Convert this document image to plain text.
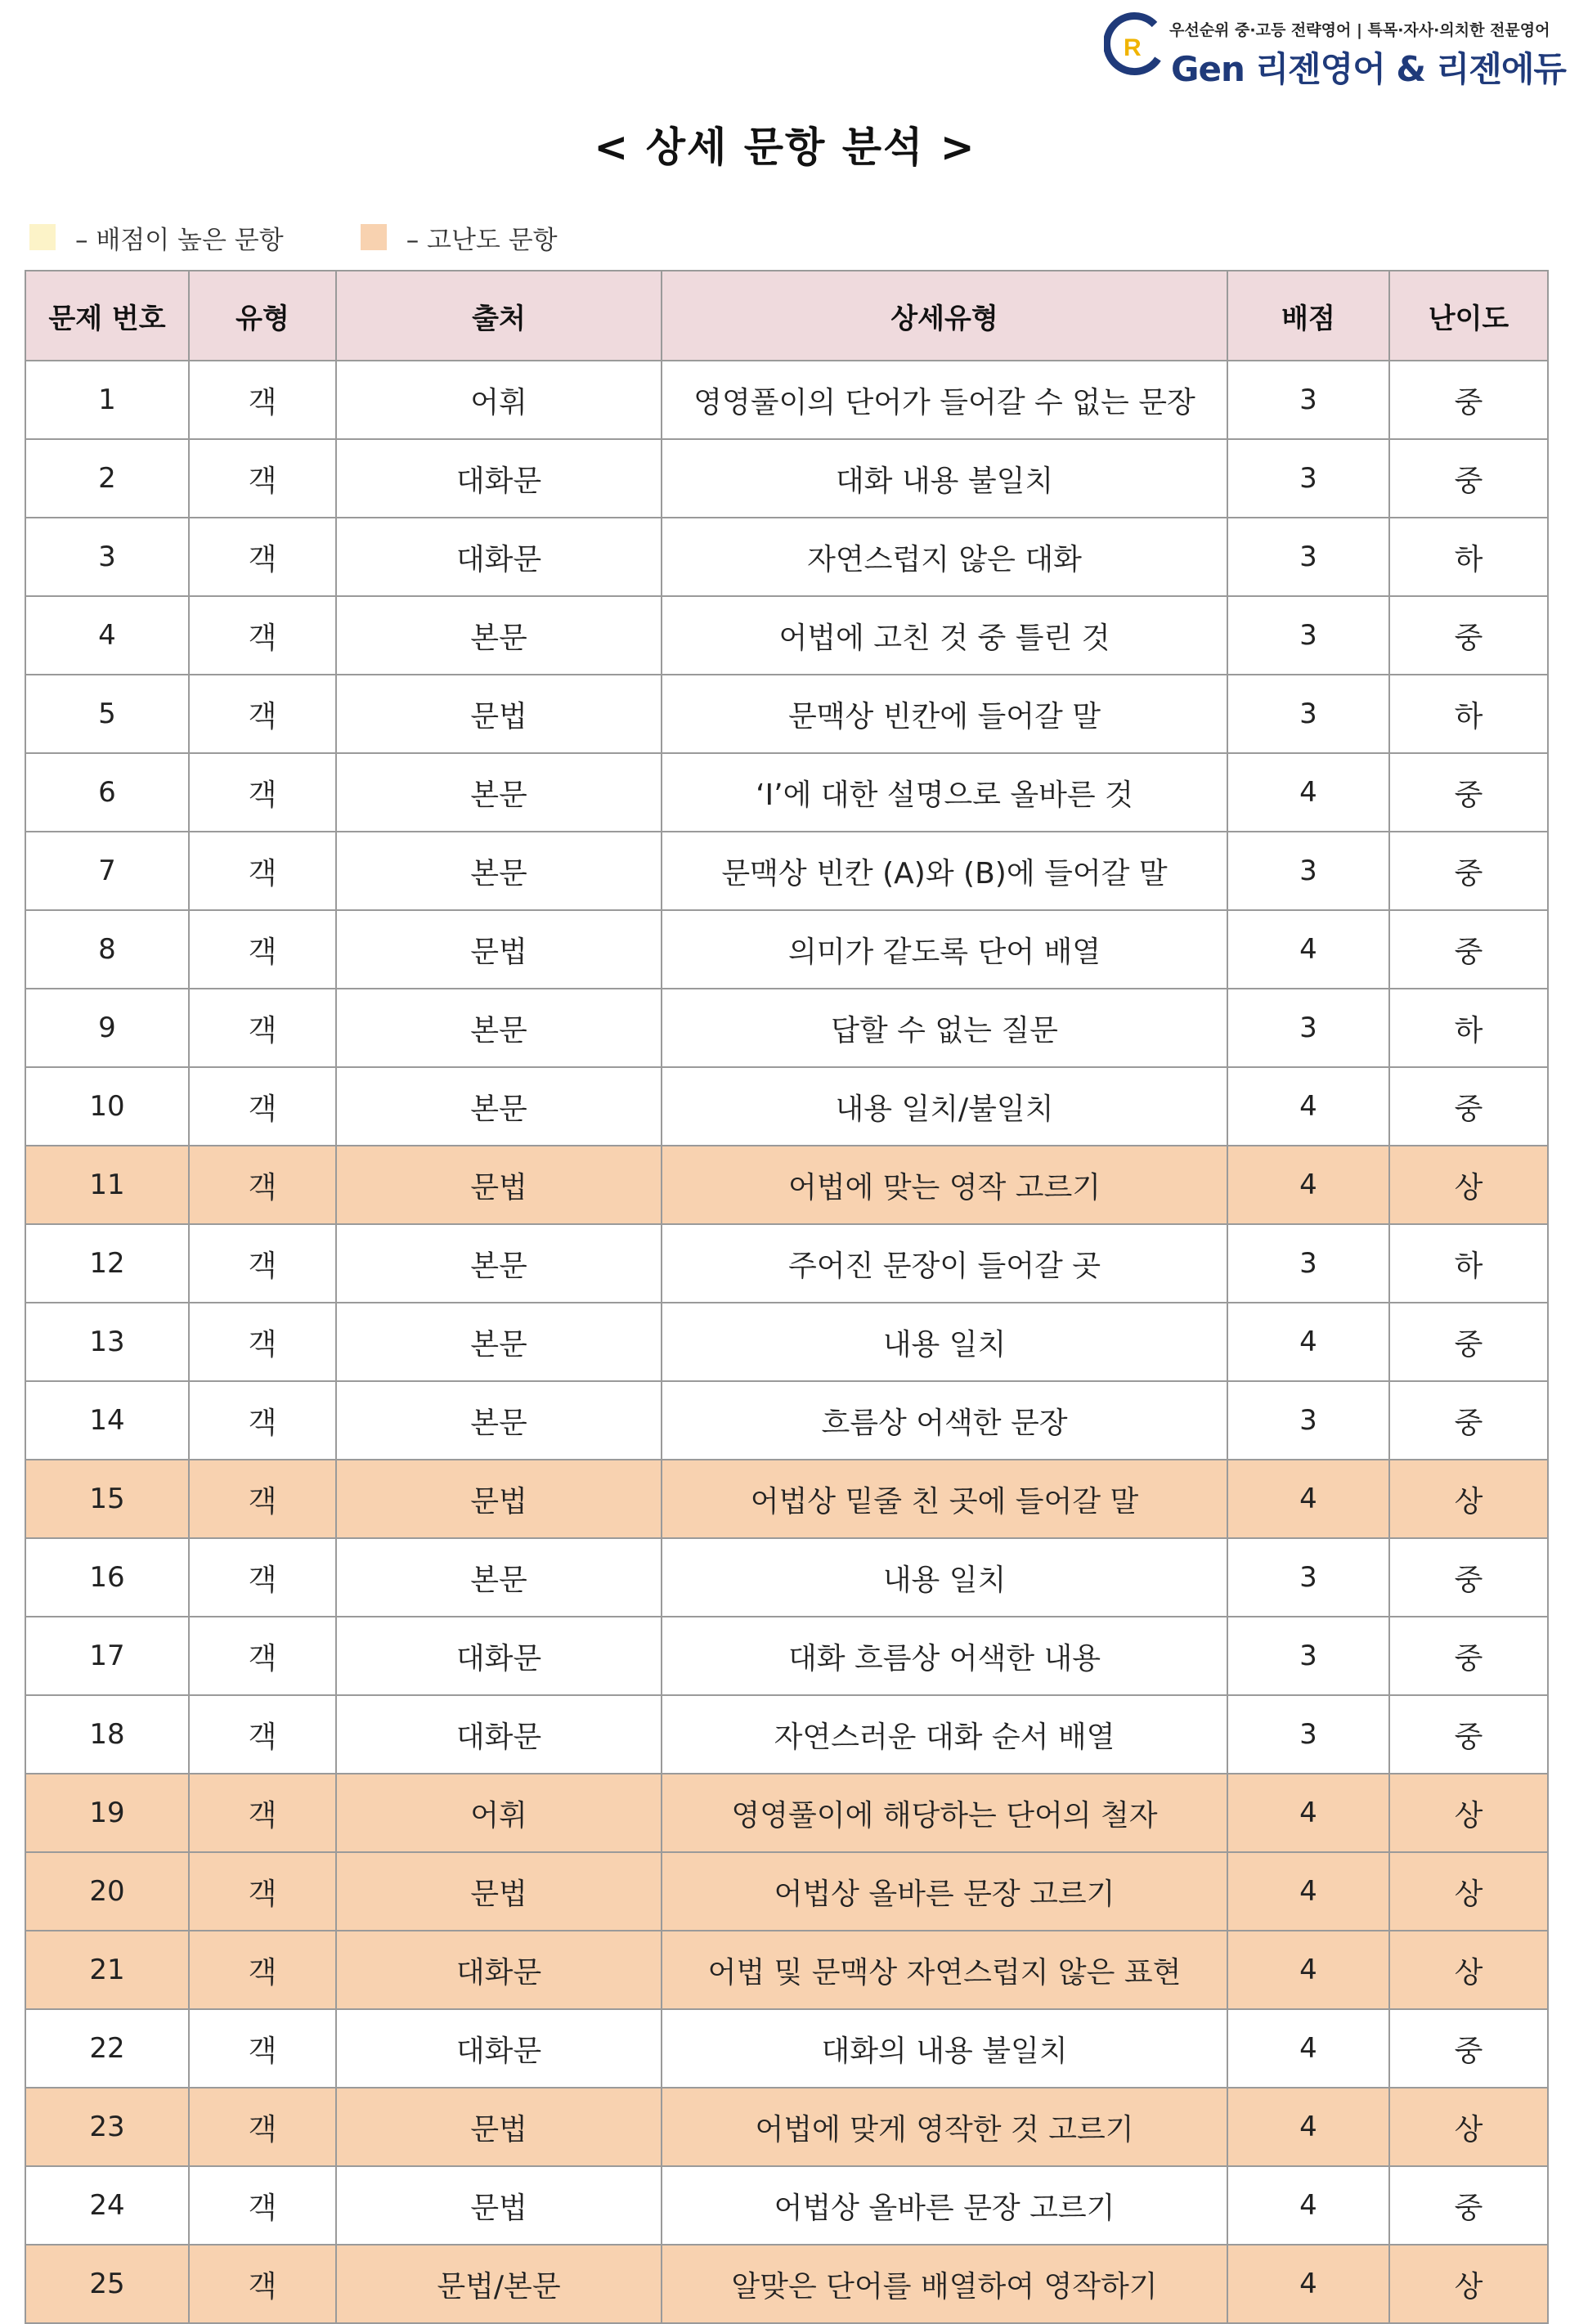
R
우선순위 중·고등 전략영어 | 특목·자사·의치한 전문영어
Gen 리젠영어 & 리젠에듀
< 상세 문항 분석 >
– 배점이 높은 문항	– 고난도 문항
문제 번호	유형	출처	상세유형	배점	난이도
1	객	어휘	영영풀이의 단어가 들어갈 수 없는 문장	3	중
2	객	대화문	대화 내용 불일치	3	중
3	객	대화문	자연스럽지 않은 대화	3	하
4	객	본문	어법에 고친 것 중 틀린 것	3	중
5	객	문법	문맥상 빈칸에 들어갈 말	3	하
6	객	본문	‘I’에 대한 설명으로 올바른 것	4	중
7	객	본문	문맥상 빈칸 (A)와 (B)에 들어갈 말	3	중
8	객	문법	의미가 같도록 단어 배열	4	중
9	객	본문	답할 수 없는 질문	3	하
10	객	본문	내용 일치/불일치	4	중
11	객	문법	어법에 맞는 영작 고르기	4	상
12	객	본문	주어진 문장이 들어갈 곳	3	하
13	객	본문	내용 일치	4	중
14	객	본문	흐름상 어색한 문장	3	중
15	객	문법	어법상 밑줄 친 곳에 들어갈 말	4	상
16	객	본문	내용 일치	3	중
17	객	대화문	대화 흐름상 어색한 내용	3	중
18	객	대화문	자연스러운 대화 순서 배열	3	중
19	객	어휘	영영풀이에 해당하는 단어의 철자	4	상
20	객	문법	어법상 올바른 문장 고르기	4	상
21	객	대화문	어법 및 문맥상 자연스럽지 않은 표현	4	상
22	객	대화문	대화의 내용 불일치	4	중
23	객	문법	어법에 맞게 영작한 것 고르기	4	상
24	객	문법	어법상 올바른 문장 고르기	4	중
25	객	문법/본문	알맞은 단어를 배열하여 영작하기	4	상
